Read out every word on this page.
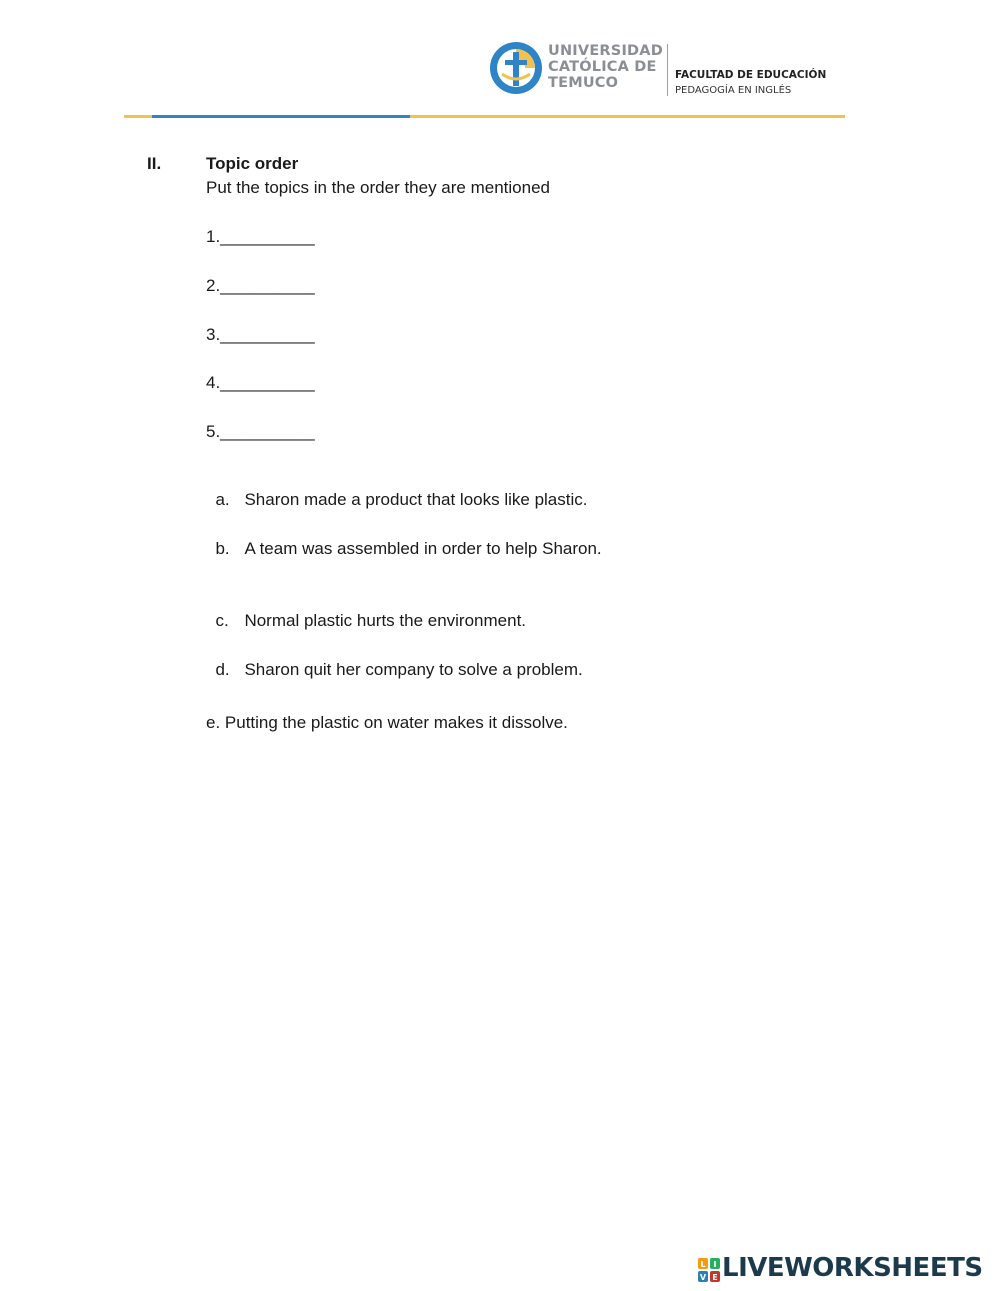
UNIVERSIDAD
CATÓLICA DE
TEMUCO	FACULTAD DE EDUCACIÓN
PEDAGOGÍA EN INGLÉS
II.	Topic order
Put the topics in the order they are mentioned
1.__________
2.__________
3.__________
4.__________
5.__________

a. Sharon made a product that looks like plastic.

b. A team was assembled in order to help Sharon.

c. Normal plastic hurts the environment.

d. Sharon quit her company to solve a problem.

e. Putting the plastic on water makes it dissolve.
L I
V E LIVEWORKSHEETS
